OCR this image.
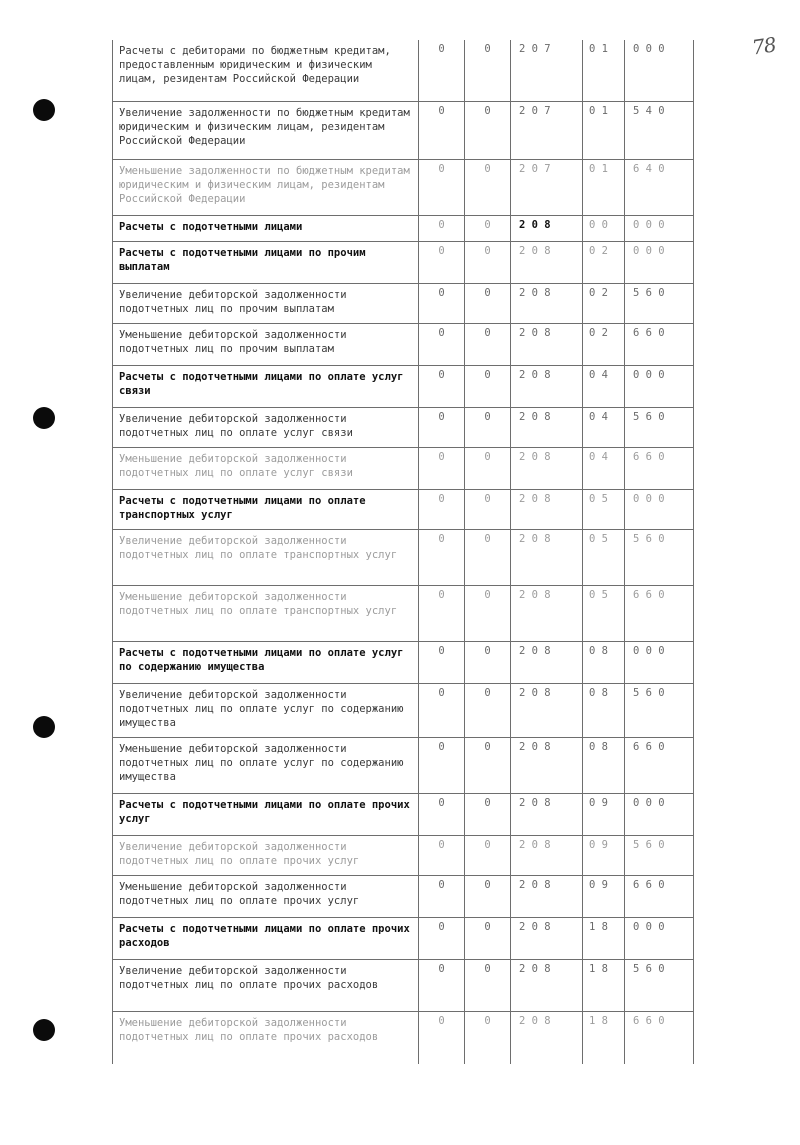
78
Расчеты с дебиторами по бюджетным кредитам, предоставленным юридическим и физическим лицам, резидентам Российской Федерации
0	0	2 0 7	0 1	0 0 0
Увеличение задолженности по бюджетным кредитам юридическим и физическим лицам, резидентам Российской Федерации
0	0	2 0 7	0 1	5 4 0
Уменьшение задолженности по бюджетным кредитам юридическим и физическим лицам, резидентам Российской Федерации
0	0	2 0 7	0 1	6 4 0
Расчеты с подотчетными лицами	0	0	2 0 8	0 0	0 0 0
Расчеты с подотчетными лицами по прочим выплатам
0	0	2 0 8	0 2	0 0 0
Увеличение дебиторской задолженности подотчетных лиц по прочим выплатам
0	0	2 0 8	0 2	5 6 0
Уменьшение дебиторской задолженности подотчетных лиц по прочим выплатам
0	0	2 0 8	0 2	6 6 0
Расчеты с подотчетными лицами по оплате услуг связи
0	0	2 0 8	0 4	0 0 0
Увеличение дебиторской задолженности подотчетных лиц по оплате услуг связи
0	0	2 0 8	0 4	5 6 0
Уменьшение дебиторской задолженности подотчетных лиц по оплате услуг связи
0	0	2 0 8	0 4	6 6 0
Расчеты с подотчетными лицами по оплате транспортных услуг
0	0	2 0 8	0 5	0 0 0
Увеличение дебиторской задолженности подотчетных лиц по оплате транспортных услуг
0	0	2 0 8	0 5	5 6 0
Уменьшение дебиторской задолженности подотчетных лиц по оплате транспортных услуг
0	0	2 0 8	0 5	6 6 0
Расчеты с подотчетными лицами по оплате услуг по содержанию имущества
0	0	2 0 8	0 8	0 0 0
Увеличение дебиторской задолженности подотчетных лиц по оплате услуг по содержанию имущества
0	0	2 0 8	0 8	5 6 0
Уменьшение дебиторской задолженности подотчетных лиц по оплате услуг по содержанию имущества
0	0	2 0 8	0 8	6 6 0
Расчеты с подотчетными лицами по оплате прочих услуг
0	0	2 0 8	0 9	0 0 0
Увеличение дебиторской задолженности подотчетных лиц по оплате прочих услуг
0	0	2 0 8	0 9	5 6 0
Уменьшение дебиторской задолженности подотчетных лиц по оплате прочих услуг
0	0	2 0 8	0 9	6 6 0
Расчеты с подотчетными лицами по оплате прочих расходов
0	0	2 0 8	1 8	0 0 0
Увеличение дебиторской задолженности подотчетных лиц по оплате прочих расходов
0	0	2 0 8	1 8	5 6 0
Уменьшение дебиторской задолженности подотчетных лиц по оплате прочих расходов
0	0	2 0 8	1 8	6 6 0
